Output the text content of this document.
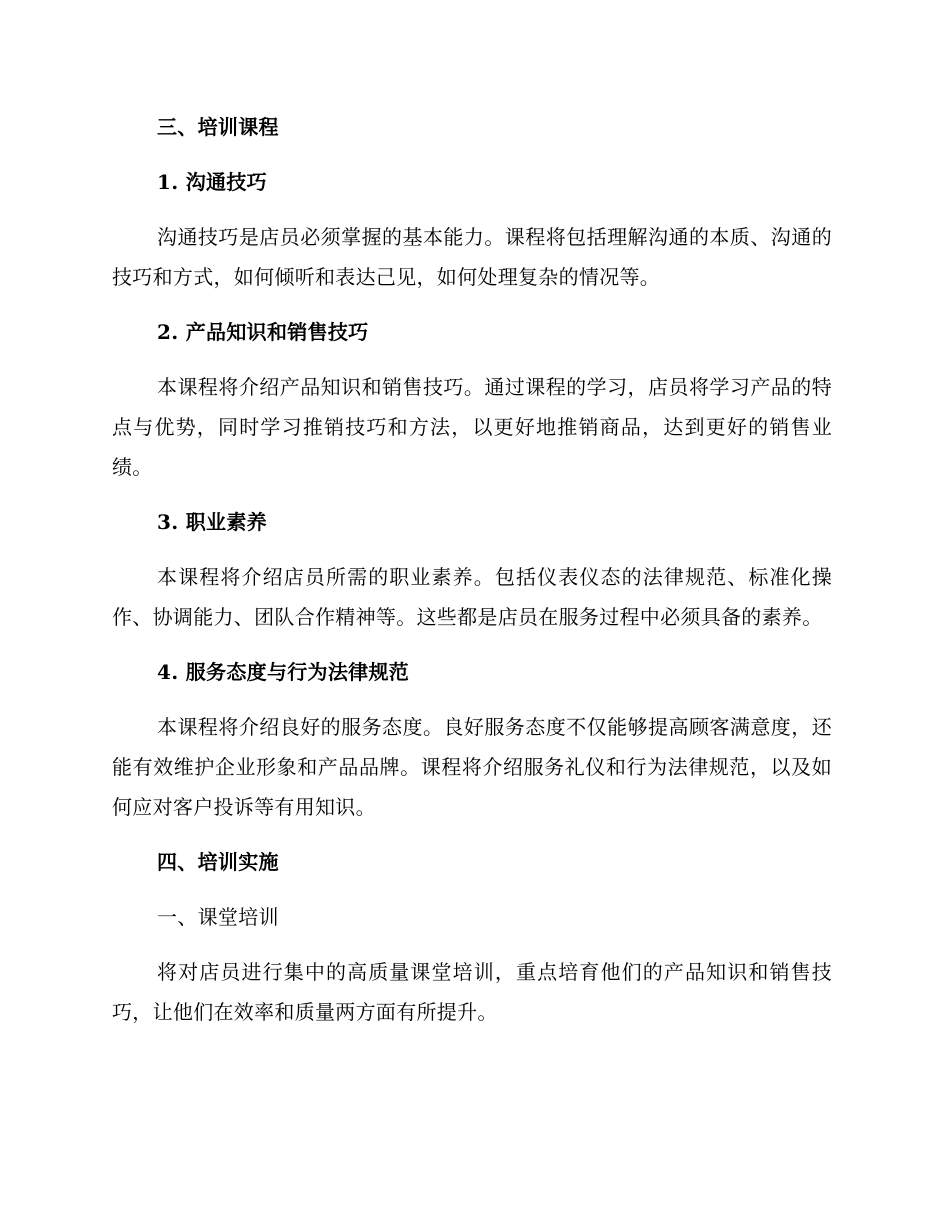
三、培训课程

1. 沟通技巧

沟通技巧是店员必须掌握的基本能力。课程将包括理解沟通的本质、沟通的技巧和方式，如何倾听和表达己见，如何处理复杂的情况等。

2. 产品知识和销售技巧

本课程将介绍产品知识和销售技巧。通过课程的学习，店员将学习产品的特点与优势，同时学习推销技巧和方法，以更好地推销商品，达到更好的销售业绩。

3. 职业素养

本课程将介绍店员所需的职业素养。包括仪表仪态的法律规范、标准化操作、协调能力、团队合作精神等。这些都是店员在服务过程中必须具备的素养。

4. 服务态度与行为法律规范

本课程将介绍良好的服务态度。良好服务态度不仅能够提高顾客满意度，还能有效维护企业形象和产品品牌。课程将介绍服务礼仪和行为法律规范，以及如何应对客户投诉等有用知识。

四、培训实施

一、课堂培训

将对店员进行集中的高质量课堂培训，重点培育他们的产品知识和销售技巧，让他们在效率和质量两方面有所提升。
